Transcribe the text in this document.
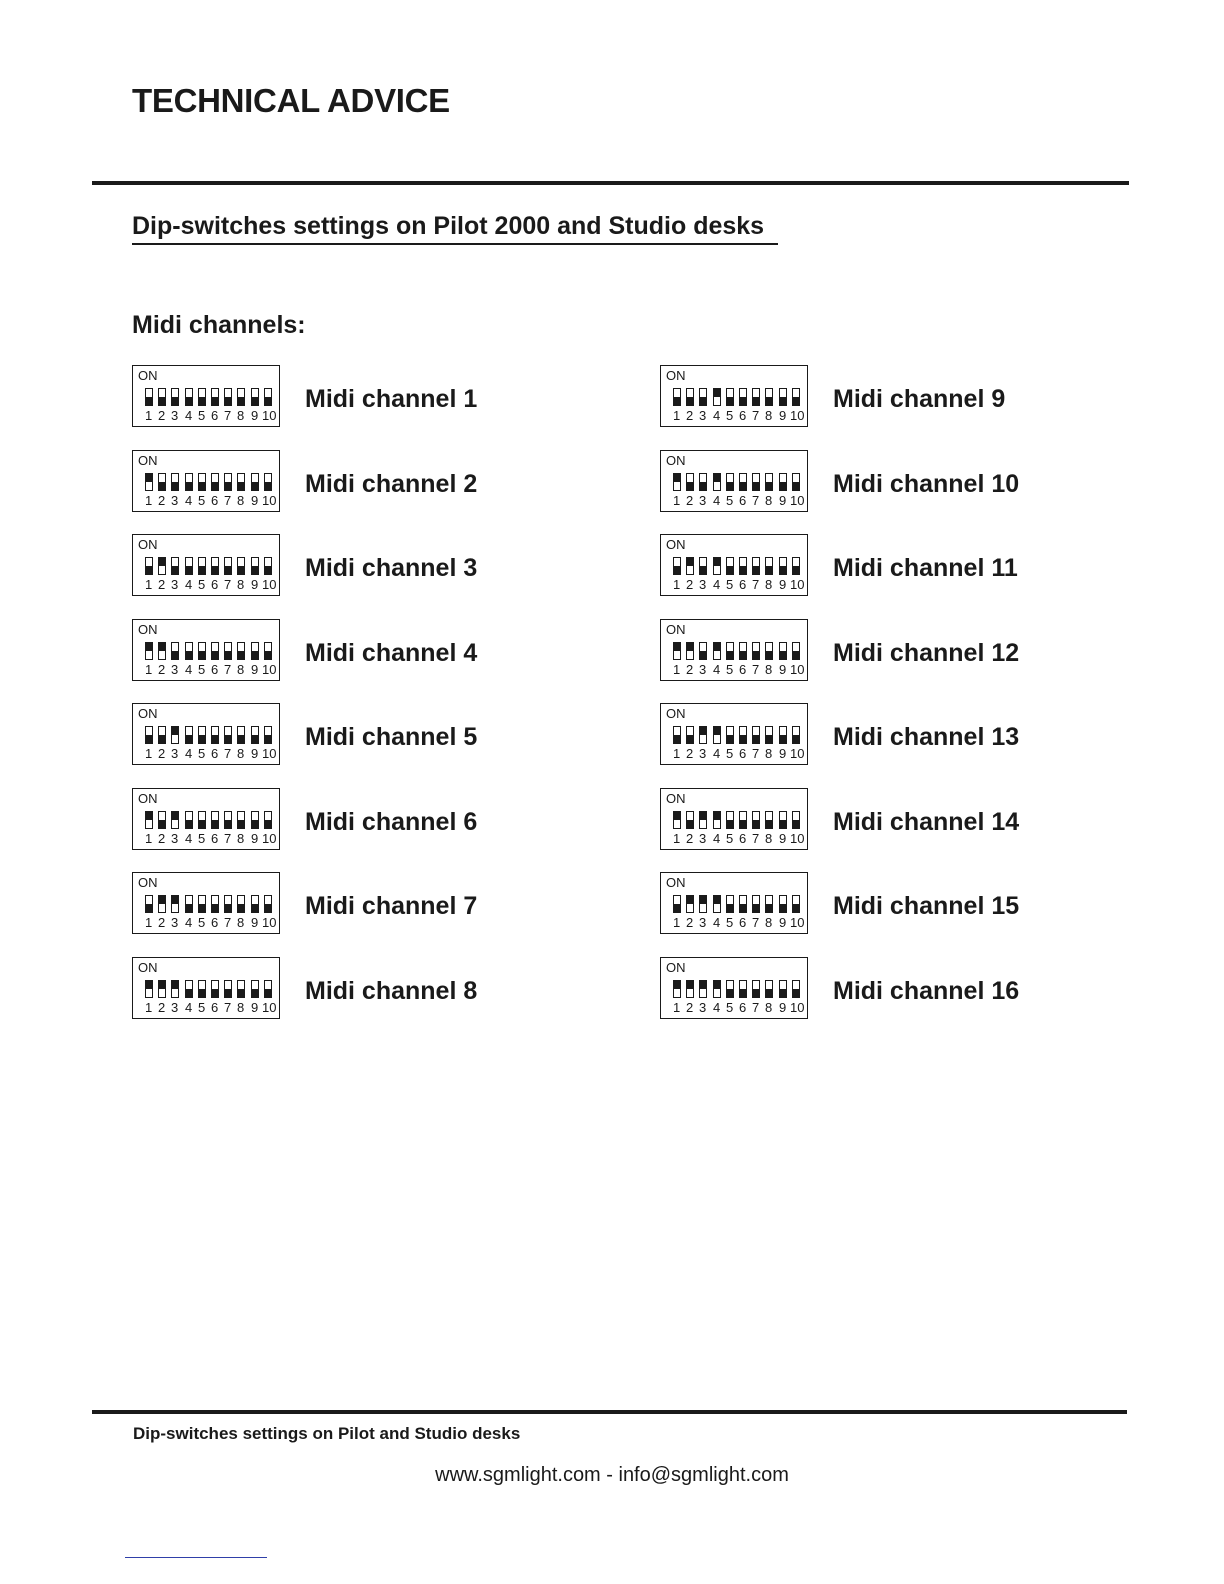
TECHNICAL ADVICE
Dip-switches settings on Pilot 2000 and Studio desks
Midi channels:
ON
1 2 3 4 5 6 7 8 9 10
Midi channel 1
ON
1 2 3 4 5 6 7 8 9 10
Midi channel 2
ON
1 2 3 4 5 6 7 8 9 10
Midi channel 3
ON
1 2 3 4 5 6 7 8 9 10
Midi channel 4
ON
1 2 3 4 5 6 7 8 9 10
Midi channel 5
ON
1 2 3 4 5 6 7 8 9 10
Midi channel 6
ON
1 2 3 4 5 6 7 8 9 10
Midi channel 7
ON
1 2 3 4 5 6 7 8 9 10
Midi channel 8
ON
1 2 3 4 5 6 7 8 9 10
Midi channel 9
ON
1 2 3 4 5 6 7 8 9 10
Midi channel 10
ON
1 2 3 4 5 6 7 8 9 10
Midi channel 11
ON
1 2 3 4 5 6 7 8 9 10
Midi channel 12
ON
1 2 3 4 5 6 7 8 9 10
Midi channel 13
ON
1 2 3 4 5 6 7 8 9 10
Midi channel 14
ON
1 2 3 4 5 6 7 8 9 10
Midi channel 15
ON
1 2 3 4 5 6 7 8 9 10
Midi channel 16
Dip-switches settings on Pilot and Studio desks
www.sgmlight.com - info@sgmlight.com
